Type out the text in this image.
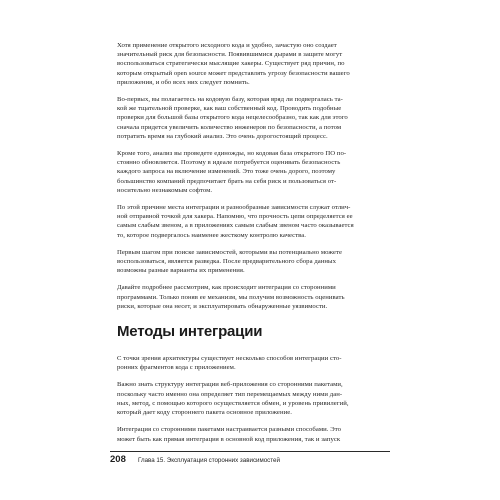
Хотя применение открытого исходного кода и удобно, зачастую оно создает
значительный риск для безопасности. Появившимися дырами в защите могут
воспользоваться стратегически мыслящие хакеры. Существует ряд причин, по
которым открытый open source может представлять угрозу безопасности вашего
приложения, и обо всех них следует помнить.

Во-первых, вы полагаетесь на кодовую базу, которая вряд ли подвергалась та-
кой же тщательной проверке, как ваш собственный код. Проводить подобные
проверки для большой базы открытого кода нецелесообразно, так как для этого
сначала придется увеличить количество инженеров по безопасности, а потом
потратить время на глубокий анализ. Это очень дорогостоящий процесс.

Кроме того, анализ вы проведете единожды, но кодовая база открытого ПО по-
стоянно обновляется. Поэтому в идеале потребуется оценивать безопасность
каждого запроса на включение изменений. Это тоже очень дорого, поэтому
большинство компаний предпочитает брать на себя риск и пользоваться от-
носительно незнакомым софтом.

По этой причине места интеграции и разнообразные зависимости служат отлич-
ной отправной точкой для хакера. Напомню, что прочность цепи определяется ее
самым слабым звеном, а в приложениях самым слабым звеном часто оказывается
то, которое подвергалось наименее жесткому контролю качества.

Первым шагом при поиске зависимостей, которыми вы потенциально можете
воспользоваться, является разведка. После предварительного сбора данных
возможны разные варианты их применения.

Давайте подробнее рассмотрим, как происходит интеграция со сторонними
программами. Только поняв ее механизм, мы получим возможность оценивать
риски, которые она несет, и эксплуатировать обнаруженные уязвимости.

Методы интеграции

С точки зрения архитектуры существует несколько способов интеграции сто-
ронних фрагментов кода с приложением.

Важно знать структуру интеграции веб-приложения со сторонними пакетами,
поскольку часто именно она определяет тип перемещаемых между ними дан-
ных, метод, с помощью которого осуществляется обмен, и уровень привилегий,
который дает коду стороннего пакета основное приложение.

Интеграция со сторонними пакетами настраивается разными способами. Это
может быть как прямая интеграция в основной код приложения, так и запуск

208 Глава 15. Эксплуатация сторонних зависимостей
